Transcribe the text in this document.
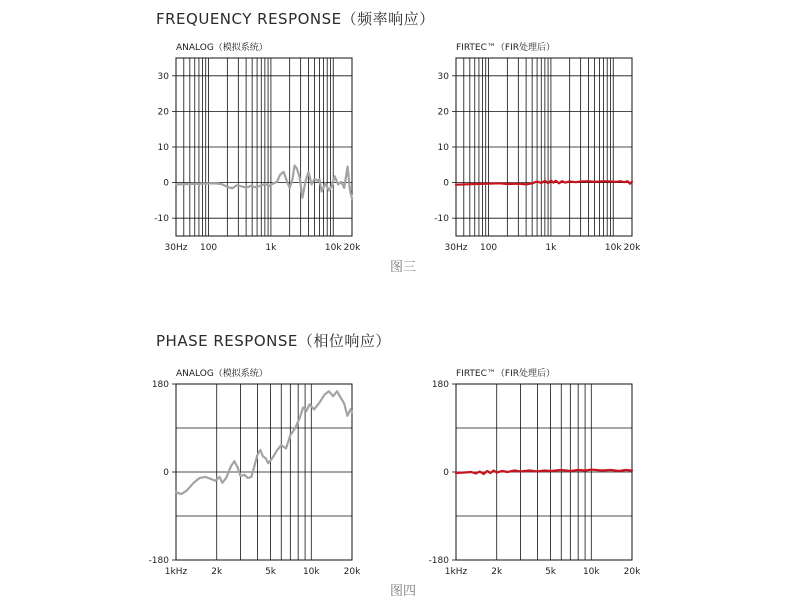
FREQUENCY RESPONSE（频率响应）
PHASE RESPONSE（相位响应）
图三
图四
ANALOG（模拟系统）
30
20
10
0
-10
30Hz 100	1k	10k 20k
FIRTEC™（FIR处理后）
30
20
10
0
-10
30Hz 100	1k	10k 20k
ANALOG（模拟系统）
180
0
-180
1kHz	2k	5k	10k	20k
FIRTEC™（FIR处理后）
180
0
-180
1kHz	2k	5k	10k	20k
